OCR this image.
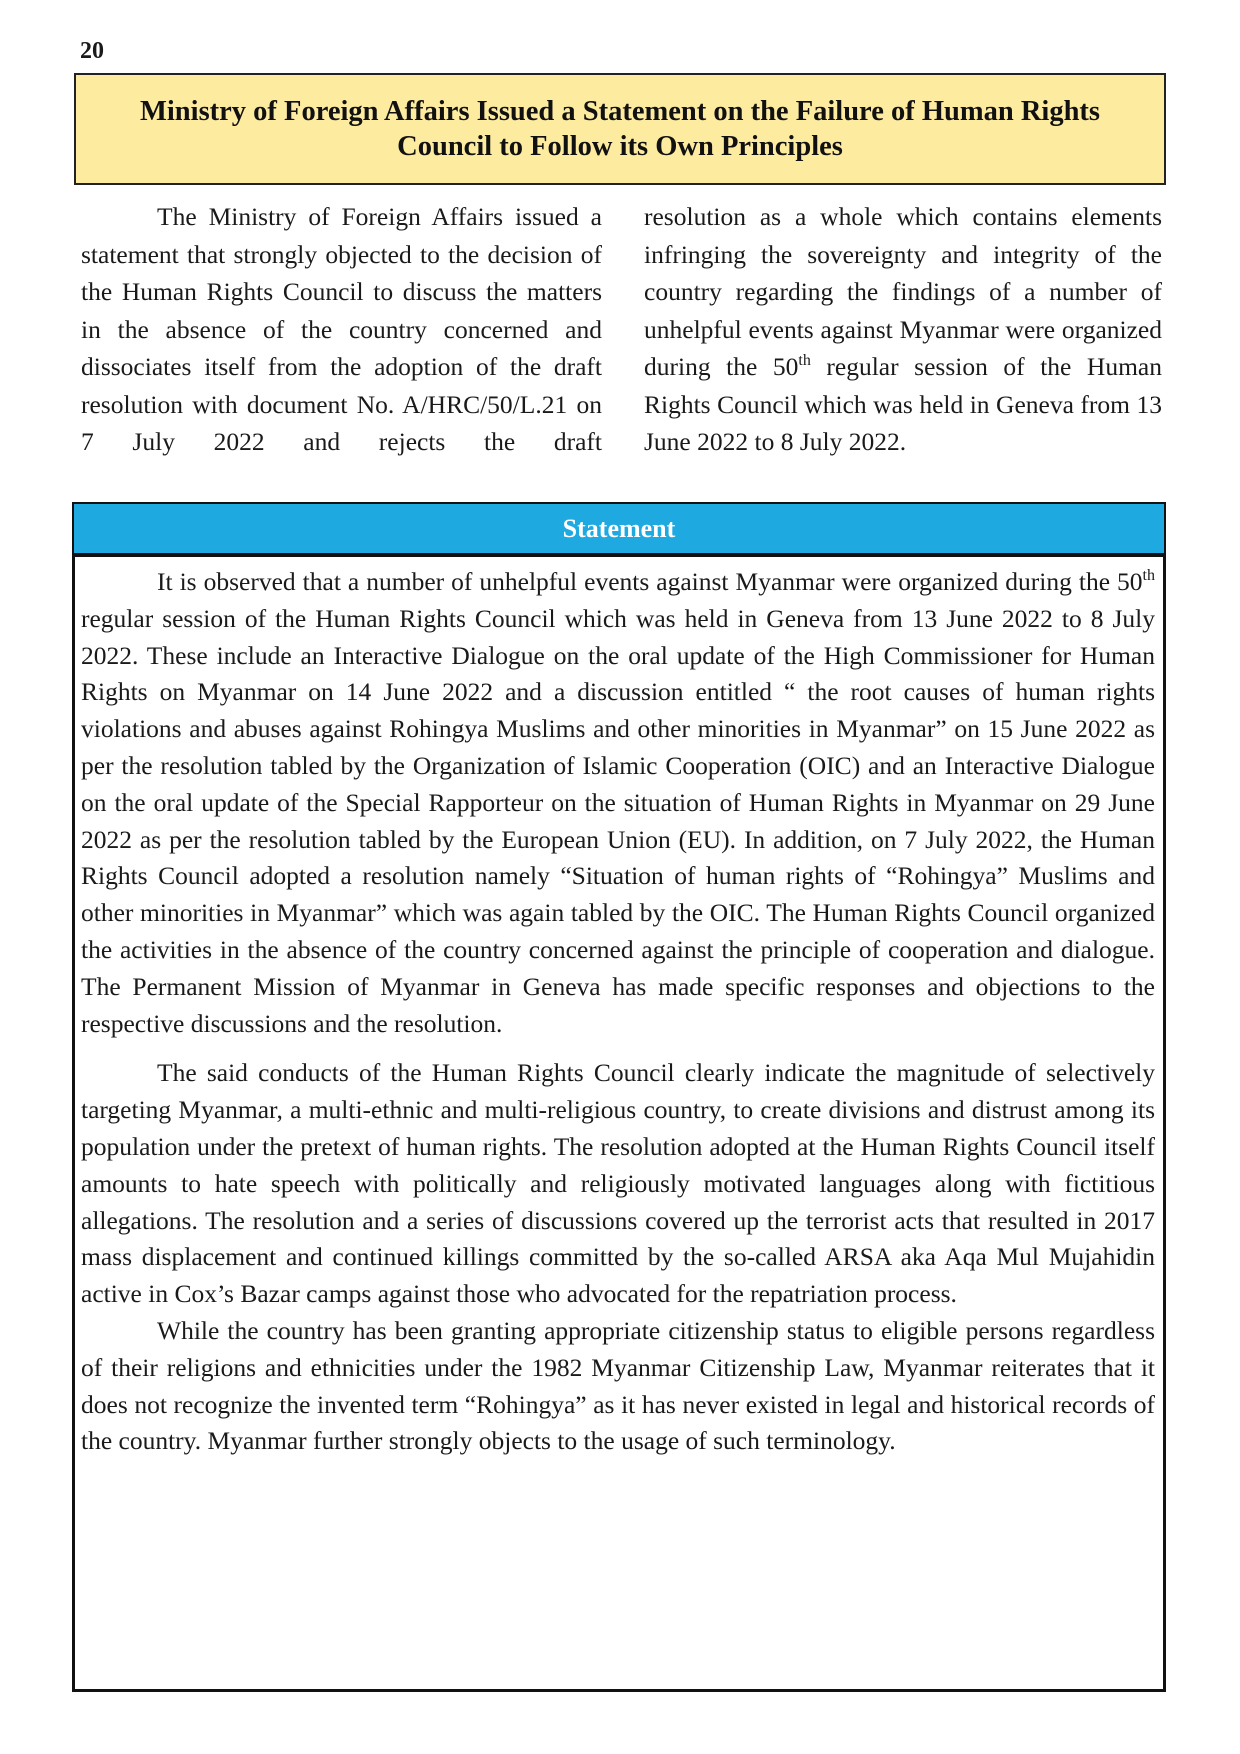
20
Ministry of Foreign Affairs Issued a Statement on the Failure of Human Rights Council to Follow its Own Principles

The Ministry of Foreign Affairs issued a statement that strongly objected to the decision of the Human Rights Council to discuss the matters in the absence of the country concerned and dissociates itself from the adoption of the draft resolution with document No. A/HRC/50/L.21 on 7 July 2022 and rejects the draft

resolution as a whole which contains elements infringing the sovereignty and integrity of the country regarding the findings of a number of unhelpful events against Myanmar were organized during the 50th regular session of the Human Rights Council which was held in Geneva from 13 June 2022 to 8 July 2022.

Statement

It is observed that a number of unhelpful events against Myanmar were organized during the 50th regular session of the Human Rights Council which was held in Geneva from 13 June 2022 to 8 July 2022. These include an Interactive Dialogue on the oral update of the High Commissioner for Human Rights on Myanmar on 14 June 2022 and a discussion entitled “ the root causes of human rights violations and abuses against Rohingya Muslims and other minorities in Myanmar” on 15 June 2022 as per the resolution tabled by the Organization of Islamic Cooperation (OIC) and an Interactive Dialogue on the oral update of the Special Rapporteur on the situation of Human Rights in Myanmar on 29 June 2022 as per the resolution tabled by the European Union (EU). In addition, on 7 July 2022, the Human Rights Council adopted a resolution namely “Situation of human rights of “Rohingya” Muslims and other minorities in Myanmar” which was again tabled by the OIC. The Human Rights Council organized the activities in the absence of the country concerned against the principle of cooperation and dialogue. The Permanent Mission of Myanmar in Geneva has made specific responses and objections to the respective discussions and the resolution.

The said conducts of the Human Rights Council clearly indicate the magnitude of selectively targeting Myanmar, a multi-ethnic and multi-religious country, to create divisions and distrust among its population under the pretext of human rights. The resolution adopted at the Human Rights Council itself amounts to hate speech with politically and religiously motivated languages along with fictitious allegations. The resolution and a series of discussions covered up the terrorist acts that resulted in 2017 mass displacement and continued killings committed by the so-called ARSA aka Aqa Mul Mujahidin active in Cox’s Bazar camps against those who advocated for the repatriation process.

While the country has been granting appropriate citizenship status to eligible persons regardless of their religions and ethnicities under the 1982 Myanmar Citizenship Law, Myanmar reiterates that it does not recognize the invented term “Rohingya” as it has never existed in legal and historical records of the country. Myanmar further strongly objects to the usage of such terminology.
